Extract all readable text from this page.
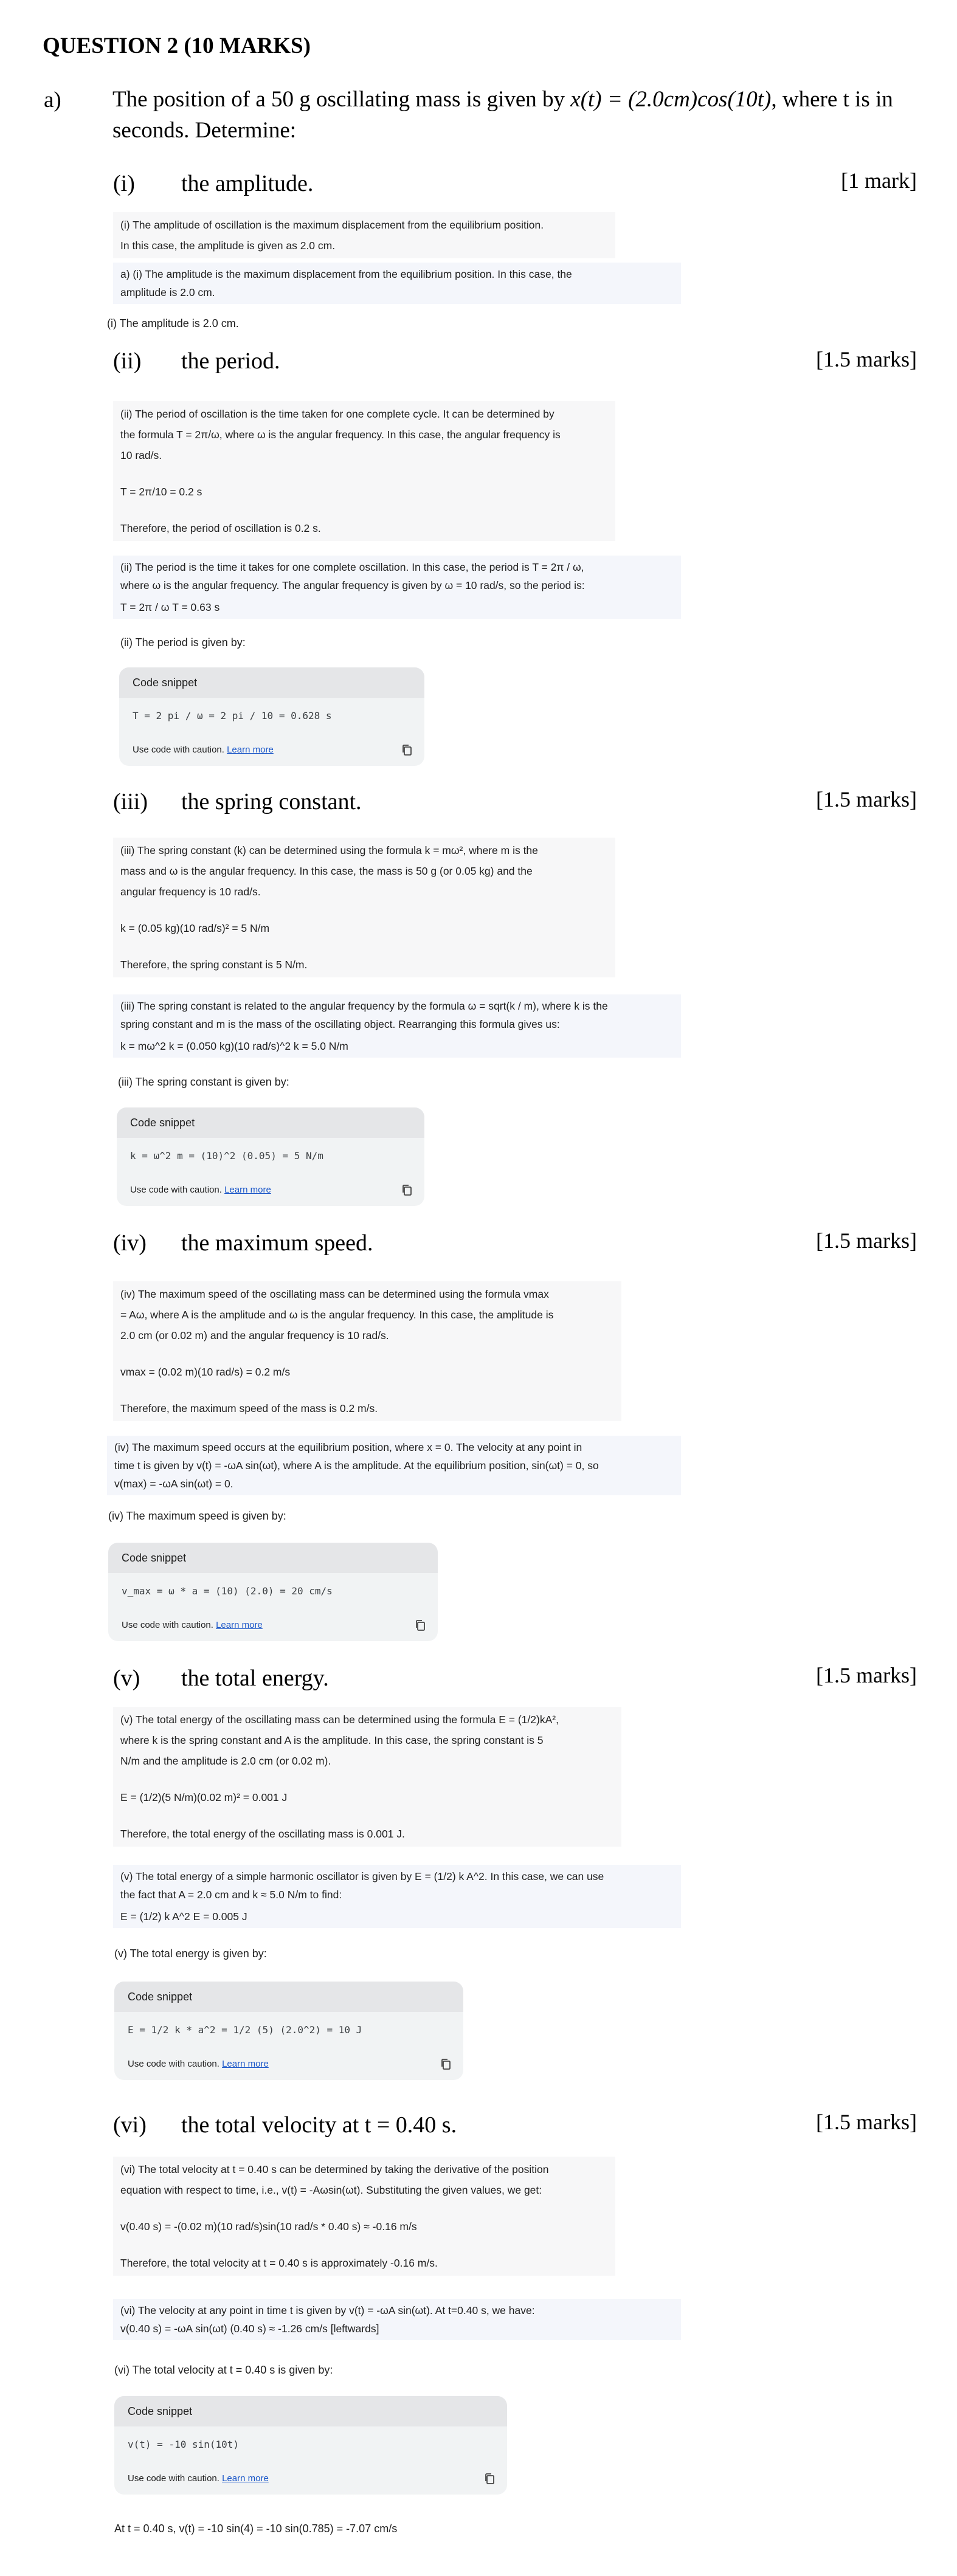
QUESTION 2 (10 MARKS)
a) The position of a 50 g oscillating mass is given by x(t) = (2.0cm)cos(10t), where t is in seconds. Determine:
(i) the amplitude.	[1 mark]

(i) The amplitude of oscillation is the maximum displacement from the equilibrium position.

In this case, the amplitude is given as 2.0 cm.

a) (i) The amplitude is the maximum displacement from the equilibrium position. In this case, the

amplitude is 2.0 cm.

(i) The amplitude is 2.0 cm.
(ii) the period.	[1.5 marks]

(ii) The period of oscillation is the time taken for one complete cycle. It can be determined by

the formula T = 2π/ω, where ω is the angular frequency. In this case, the angular frequency is

10 rad/s.

T = 2π/10 = 0.2 s

Therefore, the period of oscillation is 0.2 s.

(ii) The period is the time it takes for one complete oscillation. In this case, the period is T = 2π / ω,

where ω is the angular frequency. The angular frequency is given by ω = 10 rad/s, so the period is:

T = 2π / ω T = 0.63 s

(ii) The period is given by:
Code snippet
T = 2 pi / ω = 2 pi / 10 = 0.628 s
Use code with caution. Learn more
(iii) the spring constant.	[1.5 marks]

(iii) The spring constant (k) can be determined using the formula k = mω², where m is the

mass and ω is the angular frequency. In this case, the mass is 50 g (or 0.05 kg) and the

angular frequency is 10 rad/s.

k = (0.05 kg)(10 rad/s)² = 5 N/m

Therefore, the spring constant is 5 N/m.

(iii) The spring constant is related to the angular frequency by the formula ω = sqrt(k / m), where k is the

spring constant and m is the mass of the oscillating object. Rearranging this formula gives us:

k = mω^2 k = (0.050 kg)(10 rad/s)^2 k = 5.0 N/m

(iii) The spring constant is given by:
Code snippet
k = ω^2 m = (10)^2 (0.05) = 5 N/m
Use code with caution. Learn more
(iv) the maximum speed.	[1.5 marks]

(iv) The maximum speed of the oscillating mass can be determined using the formula vmax

= Aω, where A is the amplitude and ω is the angular frequency. In this case, the amplitude is

2.0 cm (or 0.02 m) and the angular frequency is 10 rad/s.

vmax = (0.02 m)(10 rad/s) = 0.2 m/s

Therefore, the maximum speed of the mass is 0.2 m/s.

(iv) The maximum speed occurs at the equilibrium position, where x = 0. The velocity at any point in

time t is given by v(t) = -ωA sin(ωt), where A is the amplitude. At the equilibrium position, sin(ωt) = 0, so

v(max) = -ωA sin(ωt) = 0.

(iv) The maximum speed is given by:
Code snippet
v_max = ω * a = (10) (2.0) = 20 cm/s
Use code with caution. Learn more
(v) the total energy.	[1.5 marks]

(v) The total energy of the oscillating mass can be determined using the formula E = (1/2)kA²,

where k is the spring constant and A is the amplitude. In this case, the spring constant is 5

N/m and the amplitude is 2.0 cm (or 0.02 m).

E = (1/2)(5 N/m)(0.02 m)² = 0.001 J

Therefore, the total energy of the oscillating mass is 0.001 J.

(v) The total energy of a simple harmonic oscillator is given by E = (1/2) k A^2. In this case, we can use

the fact that A = 2.0 cm and k ≈ 5.0 N/m to find:

E = (1/2) k A^2 E = 0.005 J

(v) The total energy is given by:
Code snippet
E = 1/2 k * a^2 = 1/2 (5) (2.0^2) = 10 J
Use code with caution. Learn more
(vi) the total velocity at t = 0.40 s.	[1.5 marks]

(vi) The total velocity at t = 0.40 s can be determined by taking the derivative of the position

equation with respect to time, i.e., v(t) = -Aωsin(ωt). Substituting the given values, we get:

v(0.40 s) = -(0.02 m)(10 rad/s)sin(10 rad/s * 0.40 s) ≈ -0.16 m/s

Therefore, the total velocity at t = 0.40 s is approximately -0.16 m/s.

(vi) The velocity at any point in time t is given by v(t) = -ωA sin(ωt). At t=0.40 s, we have:

v(0.40 s) = -ωA sin(ωt) (0.40 s) ≈ -1.26 cm/s [leftwards]

(vi) The total velocity at t = 0.40 s is given by:
Code snippet
v(t) = -10 sin(10t)
Use code with caution. Learn more
At t = 0.40 s, v(t) = -10 sin(4) = -10 sin(0.785) = -7.07 cm/s
